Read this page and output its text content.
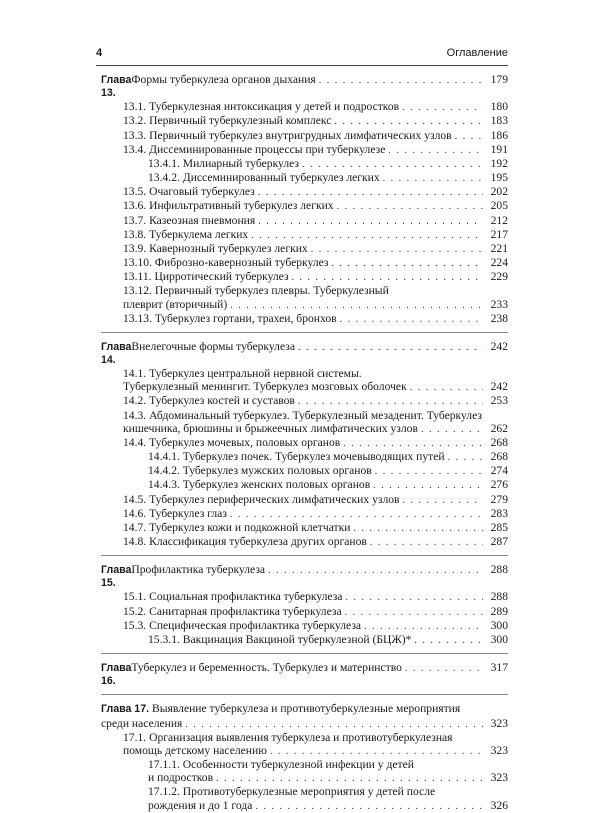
4	Оглавление
Глава 13.
Формы туберкулеза органов дыхания . . .	179
13.1. Туберкулезная интоксикация у детей и подростков . . .	180
13.2. Первичный туберкулезный комплекс . . .	183
13.3. Первичный туберкулез внутригрудных лимфатических узлов . . .	186
13.4. Диссеминированные процессы при туберкулезе . . .	191
13.4.1. Милиарный туберкулез . . .	192
13.4.2. Диссеминированный туберкулез легких . . .	195
13.5. Очаговый туберкулез . . .	202
13.6. Инфильтративный туберкулез легких . . .	205
13.7. Казеозная пневмония . . .	212
13.8. Туберкулема легких . . .	217
13.9. Кавернозный туберкулез легких . . .	221
13.10. Фиброзно-кавернозный туберкулез . . .	224
13.11. Цирротический туберкулез . . .	229
13.12. Первичный туберкулез плевры. Туберкулезный
плеврит (вторичный) . . .	233
13.13. Туберкулез гортани, трахеи, бронхов . . .	238
Глава 14.
Внелегочные формы туберкулеза . . .	242
14.1. Туберкулез центральной нервной системы.
Туберкулезный менингит. Туберкулез мозговых оболочек . . .	242
14.2. Туберкулез костей и суставов . . .	253
14.3. Абдоминальный туберкулез. Туберкулезный мезаденит. Туберкулез
кишечника, брюшины и брыжеечных лимфатических узлов . . .	262
14.4. Туберкулез мочевых, половых органов . . .	268
14.4.1. Туберкулез почек. Туберкулез мочевыводящих путей . . .	268
14.4.2. Туберкулез мужских половых органов . . .	274
14.4.3. Туберкулез женских половых органов . . .	276
14.5. Туберкулез периферических лимфатических узлов . . .	279
14.6. Туберкулез глаз . . .	283
14.7. Туберкулез кожи и подкожной клетчатки . . .	285
14.8. Классификация туберкулеза других органов . . .	287
Глава 15.
Профилактика туберкулеза . . .	288
15.1. Социальная профилактика туберкулеза . . .	288
15.2. Санитарная профилактика туберкулеза . . .	289
15.3. Специфическая профилактика туберкулеза . . .	300
15.3.1. Вакцинация Вакциной туберкулезной (БЦЖ)* . . .	300
Глава 16.
Туберкулез и беременность. Туберкулез и материнство . . .	317
Глава 17. Выявление туберкулеза и противотуберкулезные мероприятия
среди населения . . .	323
17.1. Организация выявления туберкулеза и противотуберкулезная
помощь детскому населению . . .	323
17.1.1. Особенности туберкулезной инфекции у детей
и подростков . . .	323
17.1.2. Противотуберкулезные мероприятия у детей после
рождения и до 1 года . . .	326
